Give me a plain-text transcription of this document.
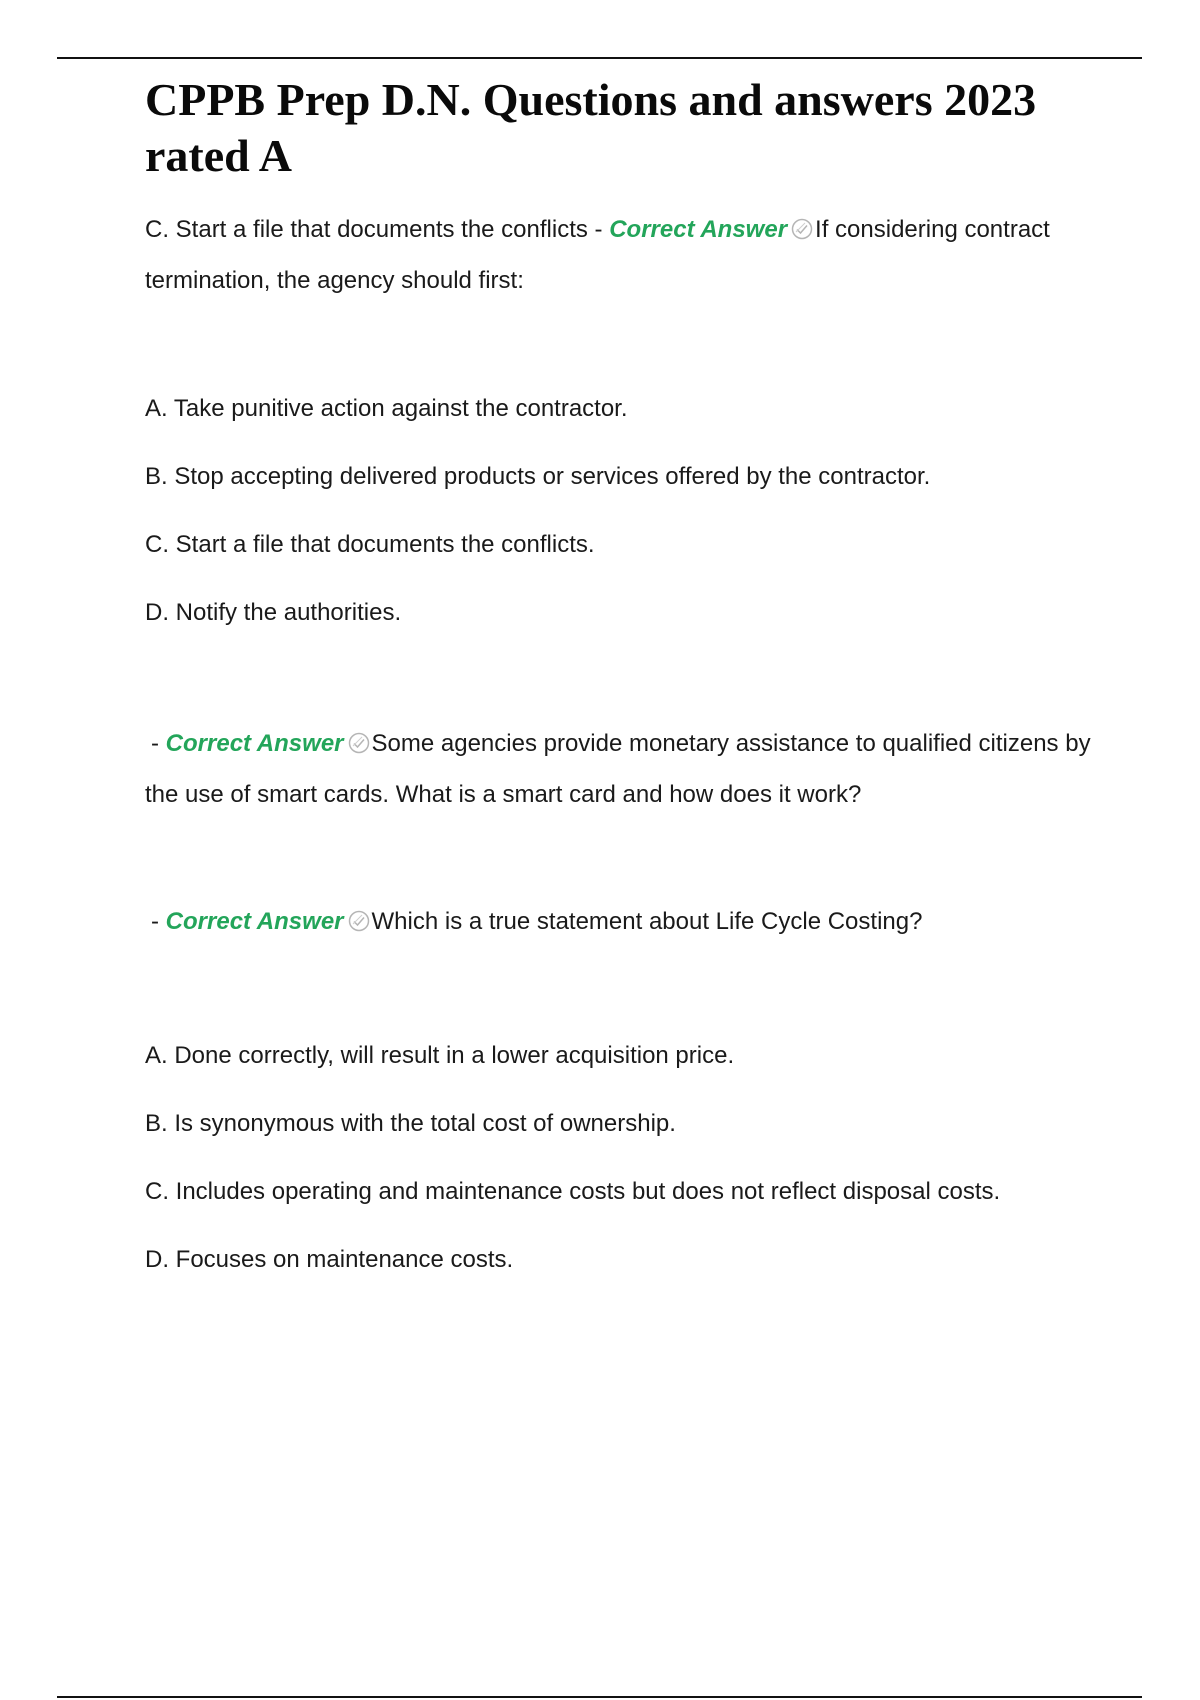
CPPB Prep D.N. Questions and answers 2023 rated A

C. Start a file that documents the conflicts - Correct Answer If considering contract termination, the agency should first:

A. Take punitive action against the contractor.

B. Stop accepting delivered products or services offered by the contractor.

C. Start a file that documents the conflicts.

D. Notify the authorities.

- Correct Answer Some agencies provide monetary assistance to qualified citizens by the use of smart cards. What is a smart card and how does it work?

- Correct Answer Which is a true statement about Life Cycle Costing?

A. Done correctly, will result in a lower acquisition price.

B. Is synonymous with the total cost of ownership.

C. Includes operating and maintenance costs but does not reflect disposal costs.

D. Focuses on maintenance costs.
